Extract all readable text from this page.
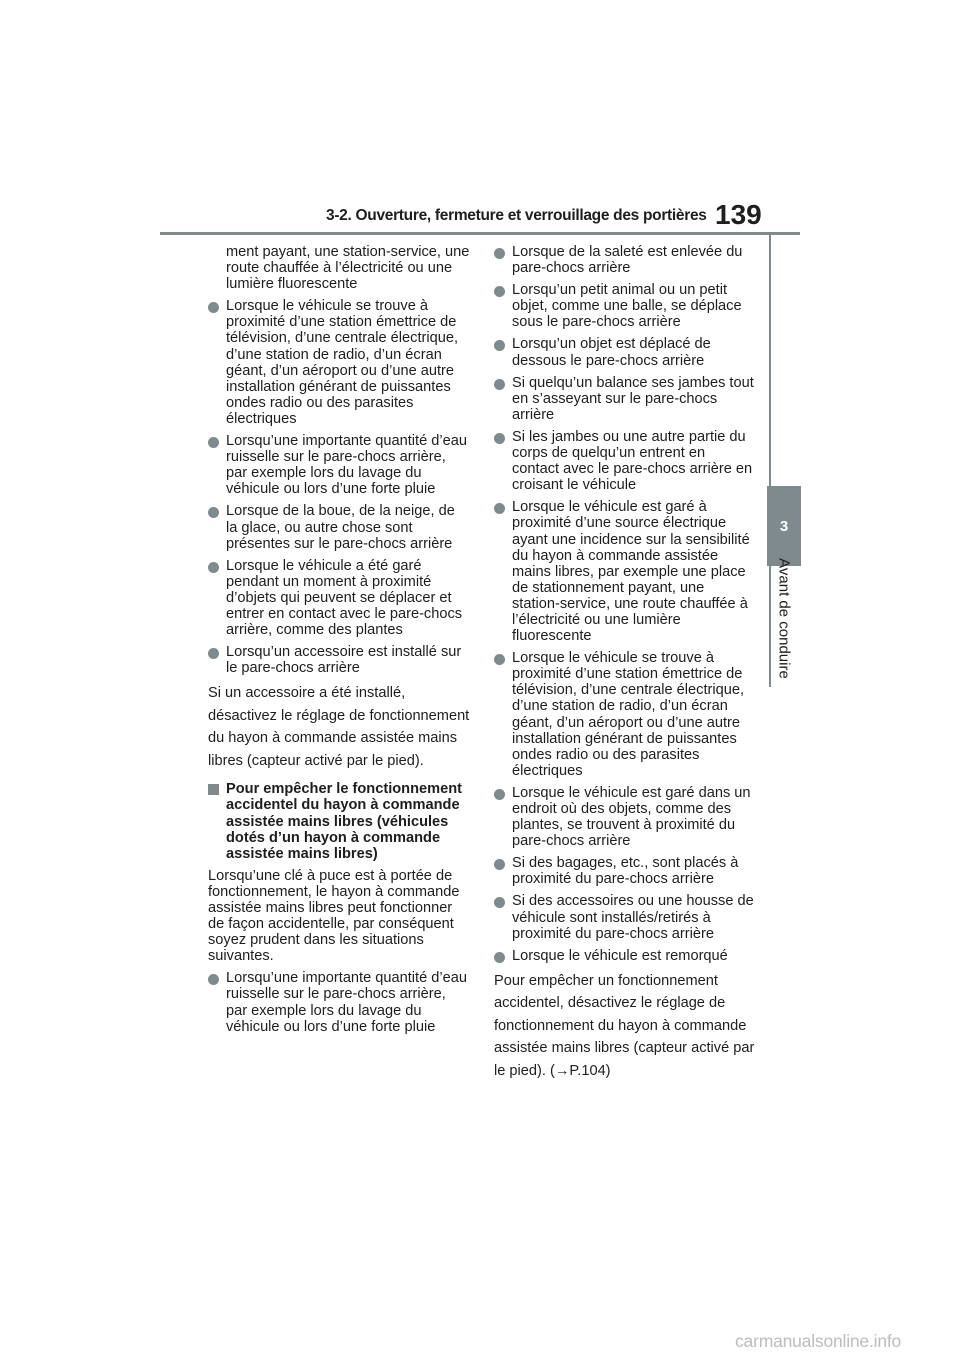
3-2. Ouverture, fermeture et verrouillage des portières 139
3
Avant de conduire
ment payant, une station-service, une route chauffée à l’électricité ou une lumière fluorescente
Lorsque le véhicule se trouve à proximité d’une station émettrice de télévision, d’une centrale électrique, d’une station de radio, d’un écran géant, d’un aéroport ou d’une autre installation générant de puissantes ondes radio ou des parasites électriques
Lorsqu’une importante quantité d’eau ruisselle sur le pare-chocs arrière, par exemple lors du lavage du véhicule ou lors d’une forte pluie
Lorsque de la boue, de la neige, de la glace, ou autre chose sont présentes sur le pare-chocs arrière
Lorsque le véhicule a été garé pendant un moment à proximité d’objets qui peuvent se déplacer et entrer en contact avec le pare-chocs arrière, comme des plantes
Lorsqu’un accessoire est installé sur le pare-chocs arrière
Si un accessoire a été installé, désactivez le réglage de fonctionnement du hayon à commande assistée mains libres (capteur activé par le pied).
Pour empêcher le fonctionnement accidentel du hayon à commande assistée mains libres (véhicules dotés d’un hayon à commande assistée mains libres)
Lorsqu’une clé à puce est à portée de fonctionnement, le hayon à commande assistée mains libres peut fonctionner de façon accidentelle, par conséquent soyez prudent dans les situations suivantes.
Lorsqu’une importante quantité d’eau ruisselle sur le pare-chocs arrière, par exemple lors du lavage du véhicule ou lors d’une forte pluie
Lorsque de la saleté est enlevée du pare-chocs arrière
Lorsqu’un petit animal ou un petit objet, comme une balle, se déplace sous le pare-chocs arrière
Lorsqu’un objet est déplacé de dessous le pare-chocs arrière
Si quelqu’un balance ses jambes tout en s’asseyant sur le pare-chocs arrière
Si les jambes ou une autre partie du corps de quelqu’un entrent en contact avec le pare-chocs arrière en croisant le véhicule
Lorsque le véhicule est garé à proximité d’une source électrique ayant une incidence sur la sensibilité du hayon à commande assistée mains libres, par exemple une place de stationnement payant, une station-service, une route chauffée à l’électricité ou une lumière fluorescente
Lorsque le véhicule se trouve à proximité d’une station émettrice de télévision, d’une centrale électrique, d’une station de radio, d’un écran géant, d’un aéroport ou d’une autre installation générant de puissantes ondes radio ou des parasites électriques
Lorsque le véhicule est garé dans un endroit où des objets, comme des plantes, se trouvent à proximité du pare-chocs arrière
Si des bagages, etc., sont placés à proximité du pare-chocs arrière
Si des accessoires ou une housse de véhicule sont installés/retirés à proximité du pare-chocs arrière
Lorsque le véhicule est remorqué
Pour empêcher un fonctionnement accidentel, désactivez le réglage de fonctionnement du hayon à commande assistée mains libres (capteur activé par le pied). (→P.104)
carmanualsonline.info
